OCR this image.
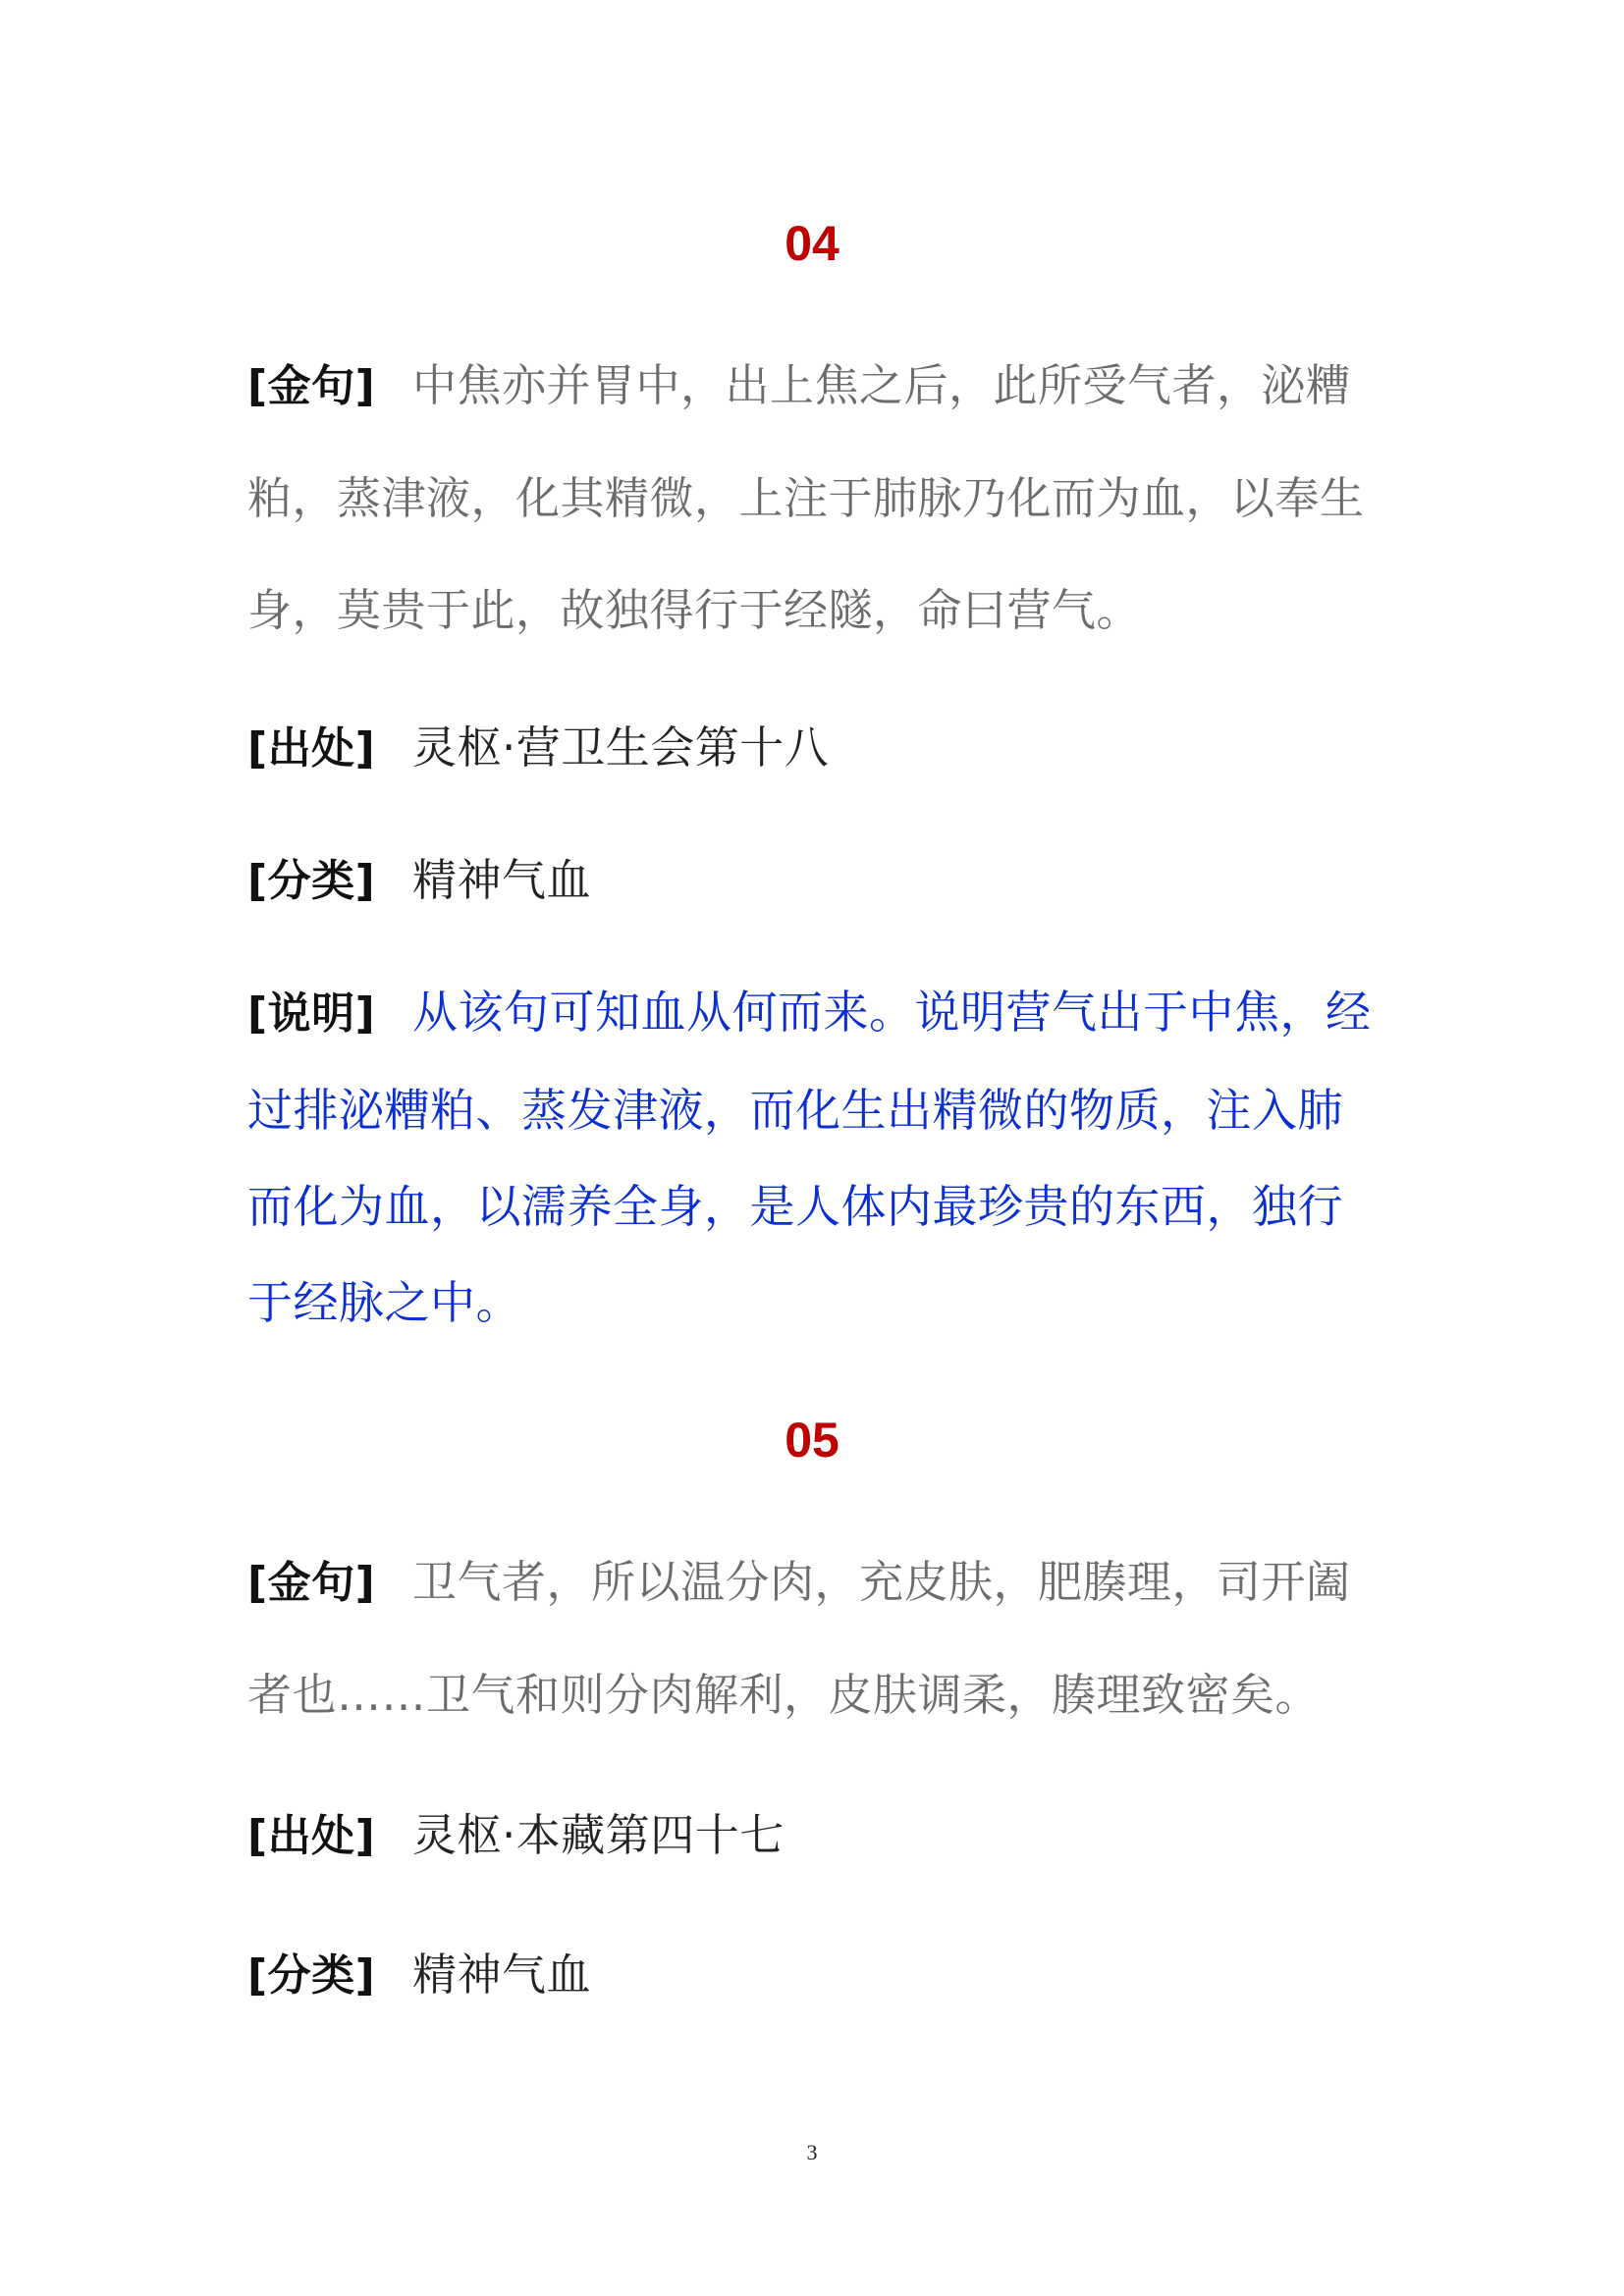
04
[金句] 中焦亦并胃中，出上焦之后，此所受气者，泌糟粕，蒸津液，化其精微，上注于肺脉乃化而为血，以奉生身，莫贵于此，故独得行于经隧，命曰营气。
[出处] 灵枢·营卫生会第十八
[分类] 精神气血
[说明] 从该句可知血从何而来。说明营气出于中焦，经过排泌糟粕、蒸发津液，而化生出精微的物质，注入肺而化为血，以濡养全身，是人体内最珍贵的东西，独行于经脉之中。
05
[金句] 卫气者，所以温分肉，充皮肤，肥腠理，司开阖者也……卫气和则分肉解利，皮肤调柔，腠理致密矣。
[出处] 灵枢·本藏第四十七
[分类] 精神气血
3
